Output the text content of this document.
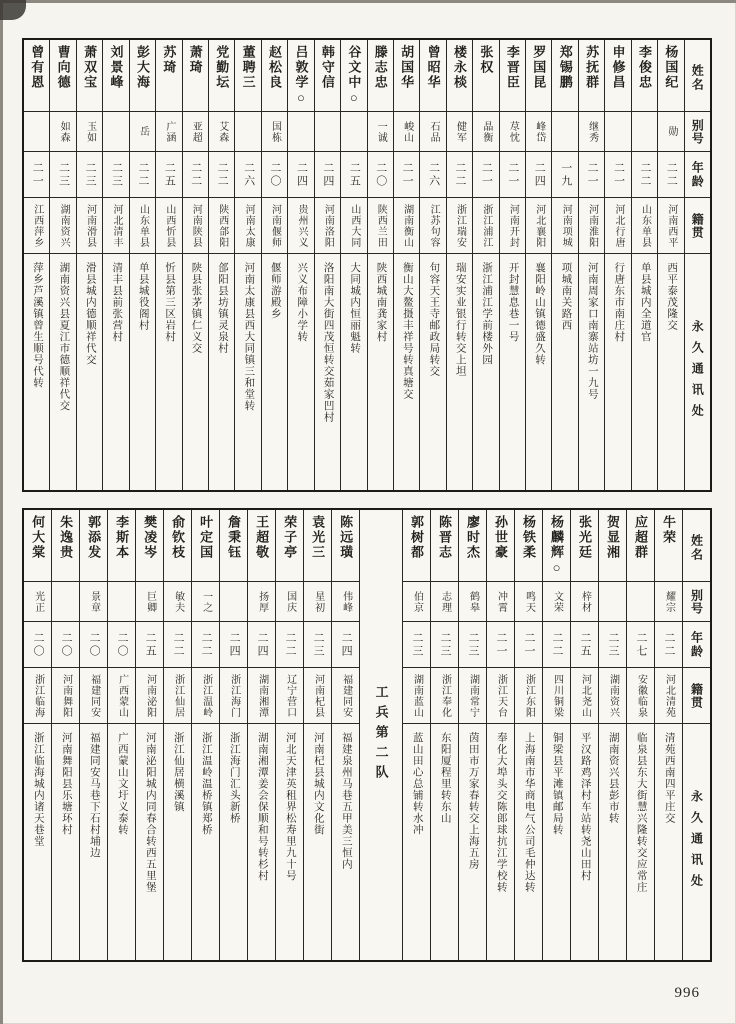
姓名
别号
年龄
籍贯
永久通讯处
杨国纪
勋
二二
河南西平
西平泰茂隆交
李俊忠
二二
山东单县
单县城内全道官
申修昌
二一
河北行唐
行唐东市南庄村
苏抚群
继秀
二一
河南淮阳
河南周家口南寨站坊一九号
郑锡鹏
一九
河南项城
项城南关路西
罗国昆
峰岱
二四
河北襄阳
襄阳岭山镇德盛久转
李晋臣
荩忱
二一
河南开封
开封慧息巷一号
张权
晶衡
二一
浙江浦江
浙江浦江学前楼外园
楼永棪
健军
二二
浙江瑞安
瑞安实业银行转交上坦
曾昭华
石品
二六
江苏句容
句容天王寺邮政局转交
胡国华
峻山
二一
湖南衡山
衡山大鳌摄丰祥号转真塘交
滕志忠
一诚
二〇
陕西兰田
陕西城南龚家村
谷文中○
二五
山西大同
大同城内恒丽魁转
韩守信
二四
河南洛阳
洛阳南大街四茂恒转交茹家凹村
吕敦学○
二四
贵州兴义
兴义布障小学转
赵松良
国栋
二〇
河南偃师
偃师游殿乡
董聘三
二六
河南太康
河南太康县西大同镇三和堂转
党勤坛
艾森
二二
陕西郃阳
郃阳县坊镇灵泉村
萧琦
亚超
二二
河南陕县
陕县张茅镇仁义交
苏琦
广涵
二五
山西忻县
忻县第三区岩村
彭大海
岳
二二
山东单县
单县城役阁村
刘景峰
二三
河北清丰
清丰县前张营村
萧双宝
玉如
二三
河南滑县
滑县城内德顺祥代交
曹向德
如森
二三
湖南资兴
湖南资兴县夏江市德顺祥代交
曾有恩
二一
江西萍乡
萍乡芦溪镇曾生顺号代转
姓名
别号
年龄
籍贯
永久通讯处
牛荣
耀宗
二二
河北清苑
清苑西南四平庄交
应超群
二七
安徽临泉
临泉县东大街慧兴隆转交应常庄
贺显湘
二三
湖南资兴
湖南资兴县彭市转
张光廷
梓材
二五
河北尧山
平汉路鸡泽村车站转尧山田村
杨麟辉○
文荣
二二
四川铜梁
铜梁县平滩镇邮局转
杨铁柔
鸣天
二一
浙江东阳
上海南市华商电气公司毛仲达转
孙世豪
冲霄
二一
浙江天台
奉化大埠头交陈郎球抗江学校转
廖时杰
鹤皋
二三
湖南常宁
茵田市万家春转交上海五房
陈晋志
志理
二三
浙江奉化
东阳厦程里转东山
郭树都
伯京
二三
湖南蓝山
蓝山田心总铺转水冲
工兵第二队
陈远璜
伟峰
二四
福建同安
福建泉州马巷五甲美三恒内
袁光三
星初
二三
河南杞县
河南杞县城内文化街
荣子亭
国庆
二二
辽宁营口
河北天津英租界松寿里九十号
王超敬
扬厚
二四
湖南湘潭
湖南湘潭姜会保顺和号转杉村
詹秉钰
二四
浙江海门
浙江海门汇头新桥
叶定国
一之
二二
浙江温岭
浙江温岭温桥镇郑桥
俞钦枝
敏夫
二二
浙江仙居
浙江仙居横溪镇
樊凌岑
巨卿
二五
河南泌阳
河南泌阳城内同春合转西五里堡
李斯本
二〇
广西蒙山
广西蒙山文圩义泰转
郭添发
景章
二〇
福建同安
福建同安马巷下石村埔边
朱逸贵
二〇
河南舞阳
河南舞阳县乐塘环村
何大棠
光正
二〇
浙江临海
浙江临海城内诸天巷堂
996
